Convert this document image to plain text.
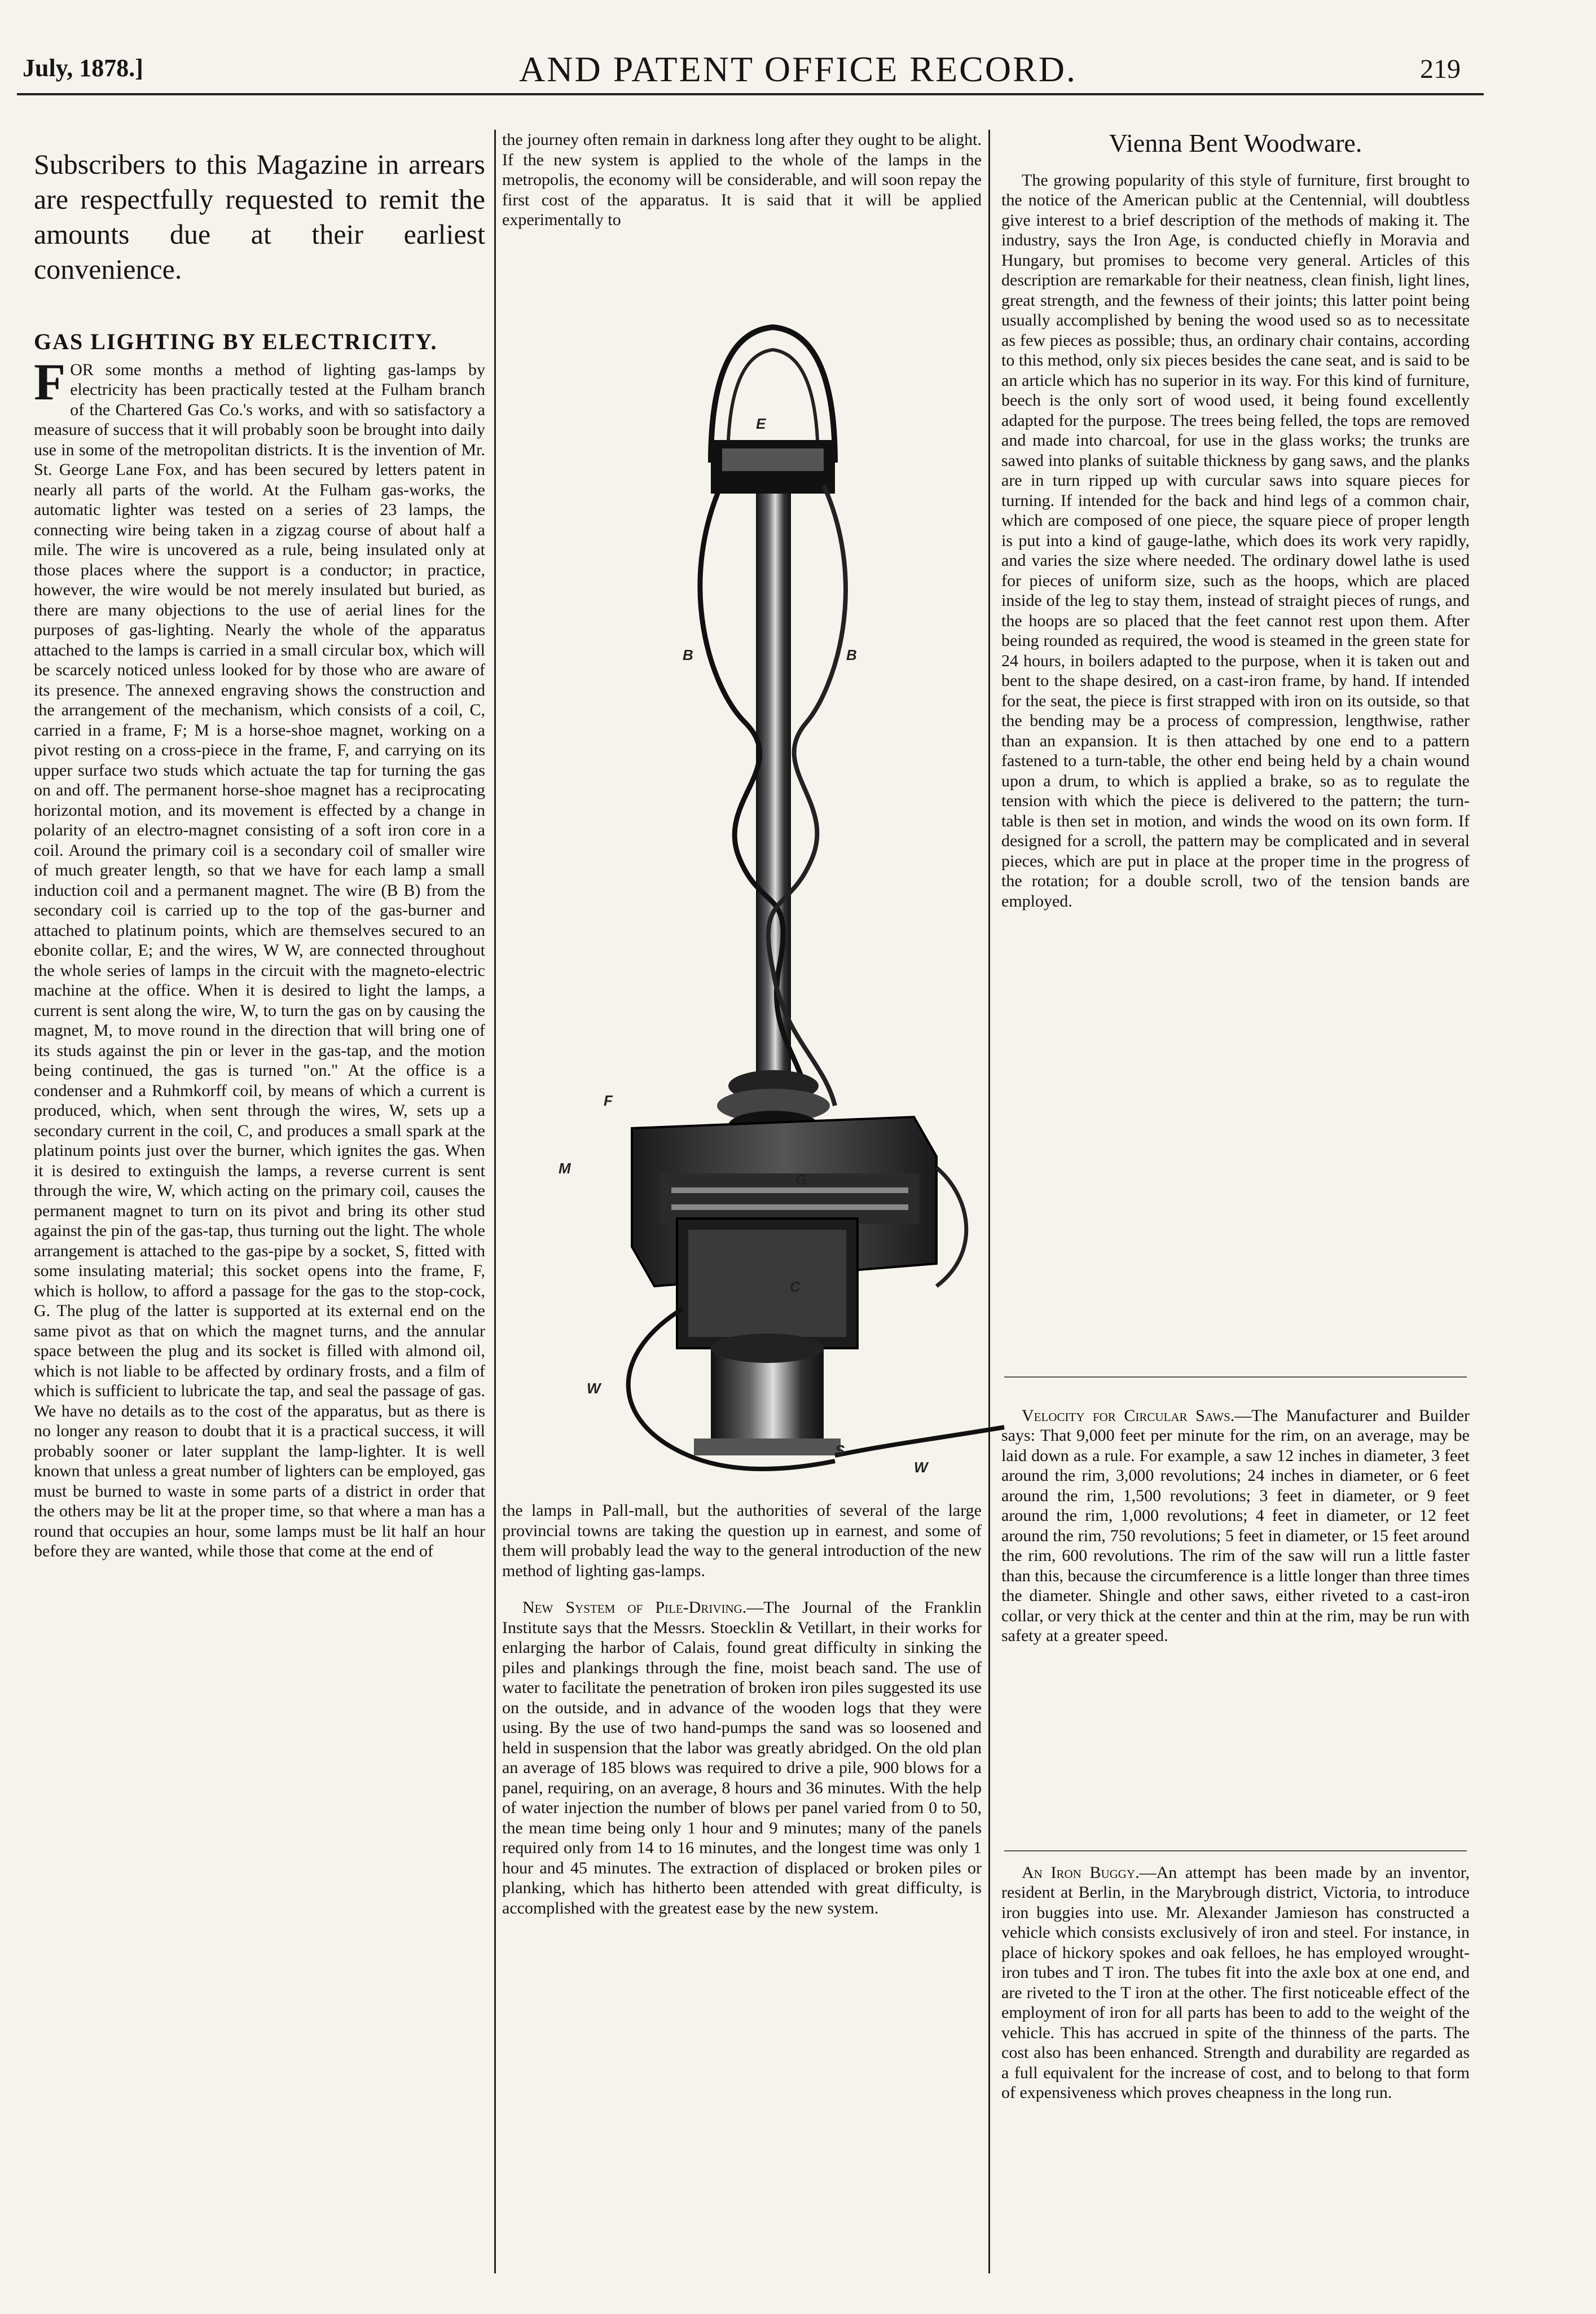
July, 1878.]	AND PATENT OFFICE RECORD.	219

Subscribers to this Magazine in arrears are respectfully requested to remit the amounts due at their earliest convenience.

GAS LIGHTING BY ELECTRICITY.

FOR some months a method of lighting gas-lamps by electricity has been practically tested at the Fulham branch of the Chartered Gas Co.'s works, and with so satisfactory a measure of success that it will probably soon be brought into daily use in some of the metropolitan districts. It is the invention of Mr. St. George Lane Fox, and has been secured by letters patent in nearly all parts of the world. At the Fulham gas-works, the automatic lighter was tested on a series of 23 lamps, the connecting wire being taken in a zigzag course of about half a mile. The wire is uncovered as a rule, being insulated only at those places where the support is a conductor; in practice, however, the wire would be not merely insulated but buried, as there are many objections to the use of aerial lines for the purposes of gas-lighting. Nearly the whole of the apparatus attached to the lamps is carried in a small circular box, which will be scarcely noticed unless looked for by those who are aware of its presence. The annexed engraving shows the construction and the arrangement of the mechanism, which consists of a coil, C, carried in a frame, F; M is a horse-shoe magnet, working on a pivot resting on a cross-piece in the frame, F, and carrying on its upper surface two studs which actuate the tap for turning the gas on and off. The permanent horse-shoe magnet has a reciprocating horizontal motion, and its movement is effected by a change in polarity of an electro-magnet consisting of a soft iron core in a coil. Around the primary coil is a secondary coil of smaller wire of much greater length, so that we have for each lamp a small induction coil and a permanent magnet. The wire (B B) from the secondary coil is carried up to the top of the gas-burner and attached to platinum points, which are themselves secured to an ebonite collar, E; and the wires, W W, are connected throughout the whole series of lamps in the circuit with the magneto-electric machine at the office. When it is desired to light the lamps, a current is sent along the wire, W, to turn the gas on by causing the magnet, M, to move round in the direction that will bring one of its studs against the pin or lever in the gas-tap, and the motion being continued, the gas is turned "on." At the office is a condenser and a Ruhmkorff coil, by means of which a current is produced, which, when sent through the wires, W, sets up a secondary current in the coil, C, and produces a small spark at the platinum points just over the burner, which ignites the gas. When it is desired to extinguish the lamps, a reverse current is sent through the wire, W, which acting on the primary coil, causes the permanent magnet to turn on its pivot and bring its other stud against the pin of the gas-tap, thus turning out the light. The whole arrangement is attached to the gas-pipe by a socket, S, fitted with some insulating material; this socket opens into the frame, F, which is hollow, to afford a passage for the gas to the stop-cock, G. The plug of the latter is supported at its external end on the same pivot as that on which the magnet turns, and the annular space between the plug and its socket is filled with almond oil, which is not liable to be affected by ordinary frosts, and a film of which is sufficient to lubricate the tap, and seal the passage of gas. We have no details as to the cost of the apparatus, but as there is no longer any reason to doubt that it is a practical success, it will probably sooner or later supplant the lamp-lighter. It is well known that unless a great number of lighters can be employed, gas must be burned to waste in some parts of a district in order that the others may be lit at the proper time, so that where a man has a round that occupies an hour, some lamps must be lit half an hour before they are wanted, while those that come at the end of

the journey often remain in darkness long after they ought to be alight. If the new system is applied to the whole of the lamps in the metropolis, the economy will be considerable, and will soon repay the first cost of the apparatus. It is said that it will be applied experimentally to

B	B
E
G
F
M
C
W
W
S

the lamps in Pall-mall, but the authorities of several of the large provincial towns are taking the question up in earnest, and some of them will probably lead the way to the general introduction of the new method of lighting gas-lamps.

New System of Pile-Driving.—The Journal of the Franklin Institute says that the Messrs. Stoecklin & Vetillart, in their works for enlarging the harbor of Calais, found great difficulty in sinking the piles and plankings through the fine, moist beach sand. The use of water to facilitate the penetration of broken iron piles suggested its use on the outside, and in advance of the wooden logs that they were using. By the use of two hand-pumps the sand was so loosened and held in suspension that the labor was greatly abridged. On the old plan an average of 185 blows was required to drive a pile, 900 blows for a panel, requiring, on an average, 8 hours and 36 minutes. With the help of water injection the number of blows per panel varied from 0 to 50, the mean time being only 1 hour and 9 minutes; many of the panels required only from 14 to 16 minutes, and the longest time was only 1 hour and 45 minutes. The extraction of displaced or broken piles or planking, which has hitherto been attended with great difficulty, is accomplished with the greatest ease by the new system.

Vienna Bent Woodware.

The growing popularity of this style of furniture, first brought to the notice of the American public at the Centennial, will doubtless give interest to a brief description of the methods of making it. The industry, says the Iron Age, is conducted chiefly in Moravia and Hungary, but promises to become very general. Articles of this description are remarkable for their neatness, clean finish, light lines, great strength, and the fewness of their joints; this latter point being usually accomplished by bening the wood used so as to necessitate as few pieces as possible; thus, an ordinary chair contains, according to this method, only six pieces besides the cane seat, and is said to be an article which has no superior in its way. For this kind of furniture, beech is the only sort of wood used, it being found excellently adapted for the purpose. The trees being felled, the tops are removed and made into charcoal, for use in the glass works; the trunks are sawed into planks of suitable thickness by gang saws, and the planks are in turn ripped up with curcular saws into square pieces for turning. If intended for the back and hind legs of a common chair, which are composed of one piece, the square piece of proper length is put into a kind of gauge-lathe, which does its work very rapidly, and varies the size where needed. The ordinary dowel lathe is used for pieces of uniform size, such as the hoops, which are placed inside of the leg to stay them, instead of straight pieces of rungs, and the hoops are so placed that the feet cannot rest upon them. After being rounded as required, the wood is steamed in the green state for 24 hours, in boilers adapted to the purpose, when it is taken out and bent to the shape desired, on a cast-iron frame, by hand. If intended for the seat, the piece is first strapped with iron on its outside, so that the bending may be a process of compression, lengthwise, rather than an expansion. It is then attached by one end to a pattern fastened to a turn-table, the other end being held by a chain wound upon a drum, to which is applied a brake, so as to regulate the tension with which the piece is delivered to the pattern; the turn-table is then set in motion, and winds the wood on its own form. If designed for a scroll, the pattern may be complicated and in several pieces, which are put in place at the proper time in the progress of the rotation; for a double scroll, two of the tension bands are employed.

Velocity for Circular Saws.—The Manufacturer and Builder says: That 9,000 feet per minute for the rim, on an average, may be laid down as a rule. For example, a saw 12 inches in diameter, 3 feet around the rim, 3,000 revolutions; 24 inches in diameter, or 6 feet around the rim, 1,500 revolutions; 3 feet in diameter, or 9 feet around the rim, 1,000 revolutions; 4 feet in diameter, or 12 feet around the rim, 750 revolutions; 5 feet in diameter, or 15 feet around the rim, 600 revolutions. The rim of the saw will run a little faster than this, because the circumference is a little longer than three times the diameter. Shingle and other saws, either riveted to a cast-iron collar, or very thick at the center and thin at the rim, may be run with safety at a greater speed.

An Iron Buggy.—An attempt has been made by an inventor, resident at Berlin, in the Marybrough district, Victoria, to introduce iron buggies into use. Mr. Alexander Jamieson has constructed a vehicle which consists exclusively of iron and steel. For instance, in place of hickory spokes and oak felloes, he has employed wrought-iron tubes and T iron. The tubes fit into the axle box at one end, and are riveted to the T iron at the other. The first noticeable effect of the employment of iron for all parts has been to add to the weight of the vehicle. This has accrued in spite of the thinness of the parts. The cost also has been enhanced. Strength and durability are regarded as a full equivalent for the increase of cost, and to belong to that form of expensiveness which proves cheapness in the long run.
